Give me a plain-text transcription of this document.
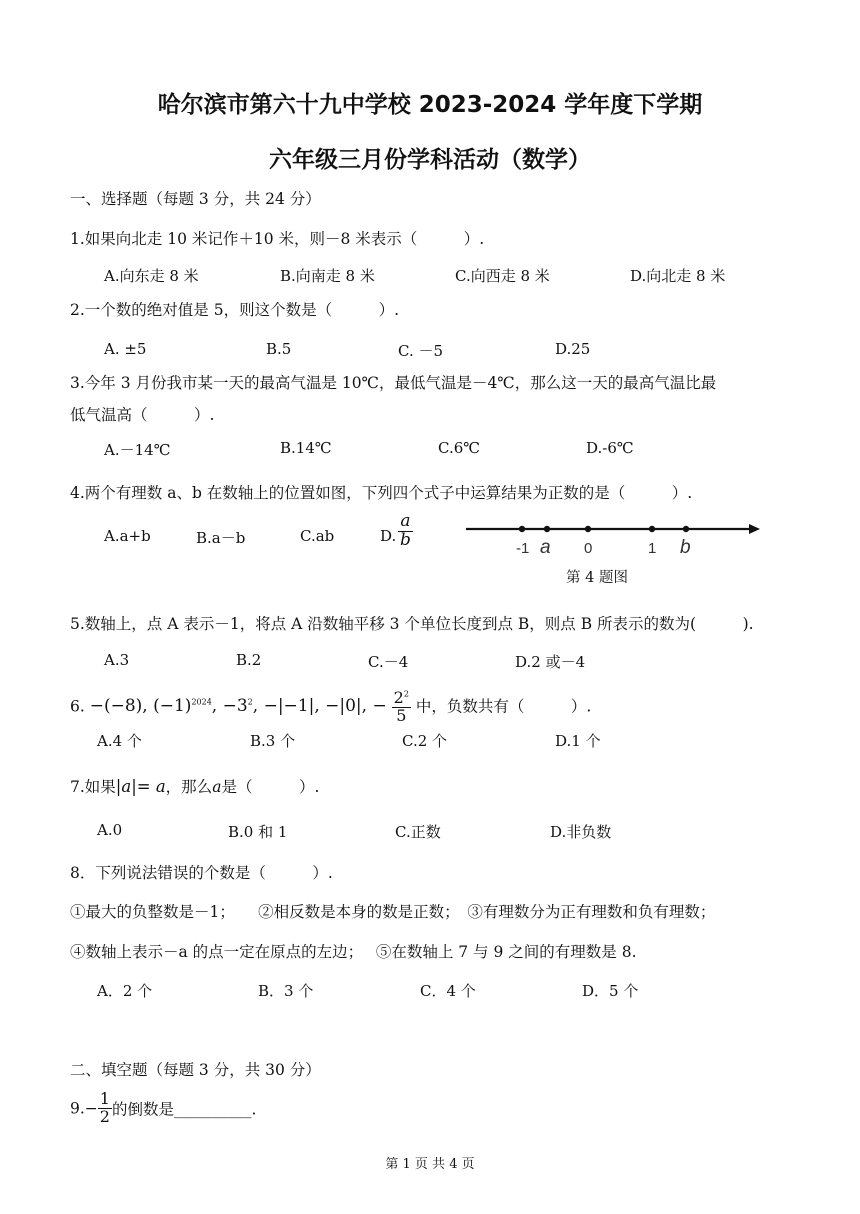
哈尔滨市第六十九中学校 2023-2024 学年度下学期
六年级三月份学科活动（数学）
一、选择题（每题 3 分，共 24 分）
1.如果向北走 10 米记作＋10 米，则－8 米表示（　　　）.
A.向东走 8 米	B.向南走 8 米	C.向西走 8 米	D.向北走 8 米
2.一个数的绝对值是 5，则这个数是（　　　）.
A. ±5	B.5	C. －5	D.25
3.今年 3 月份我市某一天的最高气温是 10℃，最低气温是－4℃，那么这一天的最高气温比最
低气温高（　　　）.
A.－14℃	B.14℃	C.6℃	D.-6℃
4.两个有理数 a、b 在数轴上的位置如图，下列四个式子中运算结果为正数的是（　　　）.
A.a+b	B.a－b	C.ab	D. $\frac{a}{b}$	-1 a 0	1 b
第 4 题图
5.数轴上，点 A 表示－1，将点 A 沿数轴平移 3 个单位长度到点 B，则点 B 所表示的数为(　　　).
A.3	B.2	C.－4	D.2 或－4
6. −(−8), $(-1)^{2024}$, $-3^2$, −|−1|, −|0|, − $\frac{2^2}{5}$ 中，负数共有（　　　）.
A.4 个	B.3 个	C.2 个	D.1 个
7.如果|a|= a，那么a是（　　　）.
A.0	B.0 和 1	C.正数	D.非负数
8．下列说法错误的个数是（　　　）.
①最大的负整数是－1；　　②相反数是本身的数是正数；　③有理数分为正有理数和负有理数；
④数轴上表示－a 的点一定在原点的左边；　 ⑤在数轴上 7 与 9 之间的有理数是 8.
A．2 个	B．3 个	C．4 个	D．5 个
二、填空题（每题 3 分，共 30 分）
$9.- \frac{1}{2}$ 的倒数是__________.
第 1 页 共 4 页
